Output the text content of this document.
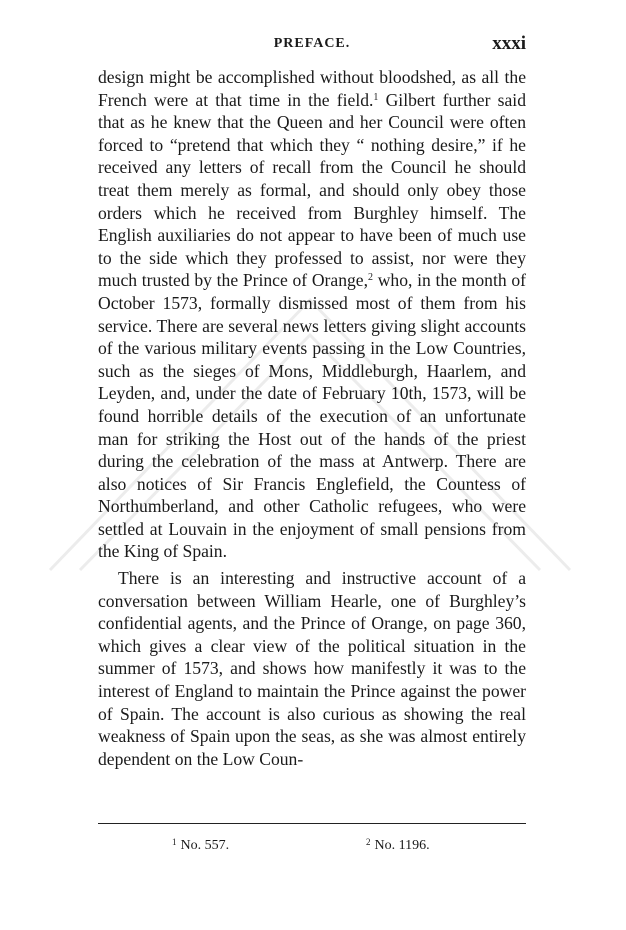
PREFACE.	xxxi

design might be accomplished without bloodshed, as all the French were at that time in the field.$^1$ Gilbert further said that as he knew that the Queen and her Council were often forced to “pretend that which they “ nothing desire,” if he received any letters of recall from the Council he should treat them merely as formal, and should only obey those orders which he received from Burghley himself. The English auxiliaries do not appear to have been of much use to the side which they professed to assist, nor were they much trusted by the Prince of Orange,$^2$ who, in the month of October 1573, formally dismissed most of them from his service. There are several news letters giving slight accounts of the various military events passing in the Low Countries, such as the sieges of Mons, Middleburgh, Haarlem, and Leyden, and, under the date of February 10th, 1573, will be found horrible details of the execution of an unfortunate man for striking the Host out of the hands of the priest during the celebration of the mass at Antwerp. There are also notices of Sir Francis Englefield, the Countess of Northumberland, and other Catholic refugees, who were settled at Louvain in the enjoyment of small pensions from the King of Spain.

There is an interesting and instructive account of a conversation between William Hearle, one of Burghley’s confidential agents, and the Prince of Orange, on page 360, which gives a clear view of the political situation in the summer of 1573, and shows how manifestly it was to the interest of England to maintain the Prince against the power of Spain. The account is also curious as showing the real weakness of Spain upon the seas, as she was almost entirely dependent on the Low Coun-

$^1$ No. 557.	$^2$ No. 1196.
